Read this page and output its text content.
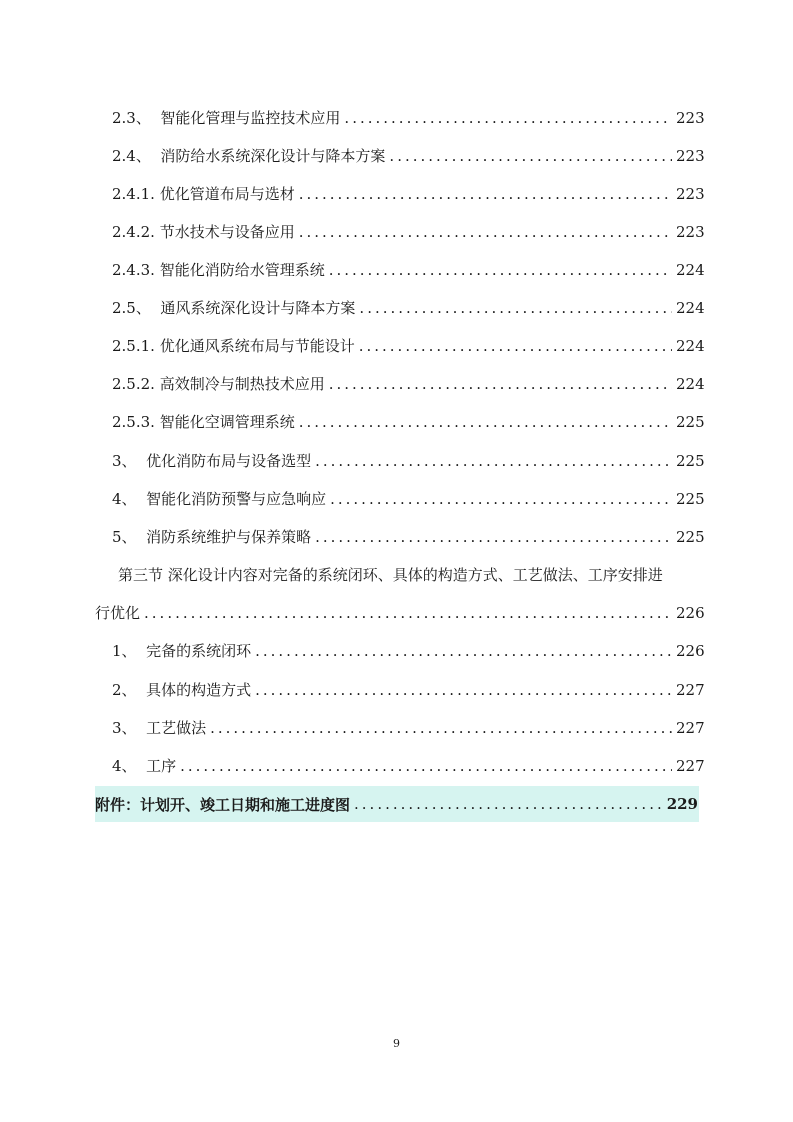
2.3、 智能化管理与监控技术应用 .....	223
2.4、 消防给水系统深化设计与降本方案 .....	223
2.4.1. 优化管道布局与选材 .....	223
2.4.2. 节水技术与设备应用 .....	223
2.4.3. 智能化消防给水管理系统 .....	224
2.5、 通风系统深化设计与降本方案 .....	224
2.5.1. 优化通风系统布局与节能设计 .....	224
2.5.2. 高效制冷与制热技术应用 .....	224
2.5.3. 智能化空调管理系统 .....	225
3、 优化消防布局与设备选型 .....	225
4、 智能化消防预警与应急响应 .....	225
5、 消防系统维护与保养策略 .....	225
第三节 深化设计内容对完备的系统闭环、具体的构造方式、工艺做法、工序安排进
行优化 .....	226
1、 完备的系统闭环 .....	226
2、 具体的构造方式 .....	227
3、 工艺做法 .....	227
4、 工序 .....	227
附件：计划开、竣工日期和施工进度图 .....	229
9
